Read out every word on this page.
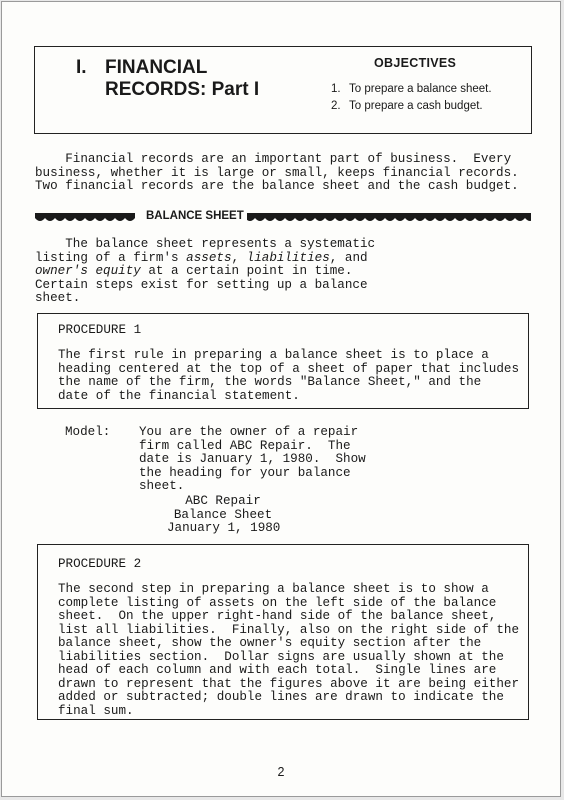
I. FINANCIAL
RECORDS: Part I
OBJECTIVES
1. To prepare a balance sheet.
2. To prepare a cash budget.
Financial records are an important part of business.  Every
business, whether it is large or small, keeps financial records.
Two financial records are the balance sheet and the cash budget.
BALANCE SHEET
The balance sheet represents a systematic
listing of a firm's assets, liabilities, and
owner's equity at a certain point in time.
Certain steps exist for setting up a balance
sheet.
PROCEDURE 1
The first rule in preparing a balance sheet is to place a
heading centered at the top of a sheet of paper that includes
the name of the firm, the words "Balance Sheet," and the
date of the financial statement.
Model: You are the owner of a repair
firm called ABC Repair.  The
date is January 1, 1980.  Show
the heading for your balance
sheet.
ABC Repair
Balance Sheet
January 1, 1980
PROCEDURE 2
The second step in preparing a balance sheet is to show a
complete listing of assets on the left side of the balance
sheet.  On the upper right-hand side of the balance sheet,
list all liabilities.  Finally, also on the right side of the
balance sheet, show the owner's equity section after the
liabilities section.  Dollar signs are usually shown at the
head of each column and with each total.  Single lines are
drawn to represent that the figures above it are being either
added or subtracted; double lines are drawn to indicate the
final sum.
2
